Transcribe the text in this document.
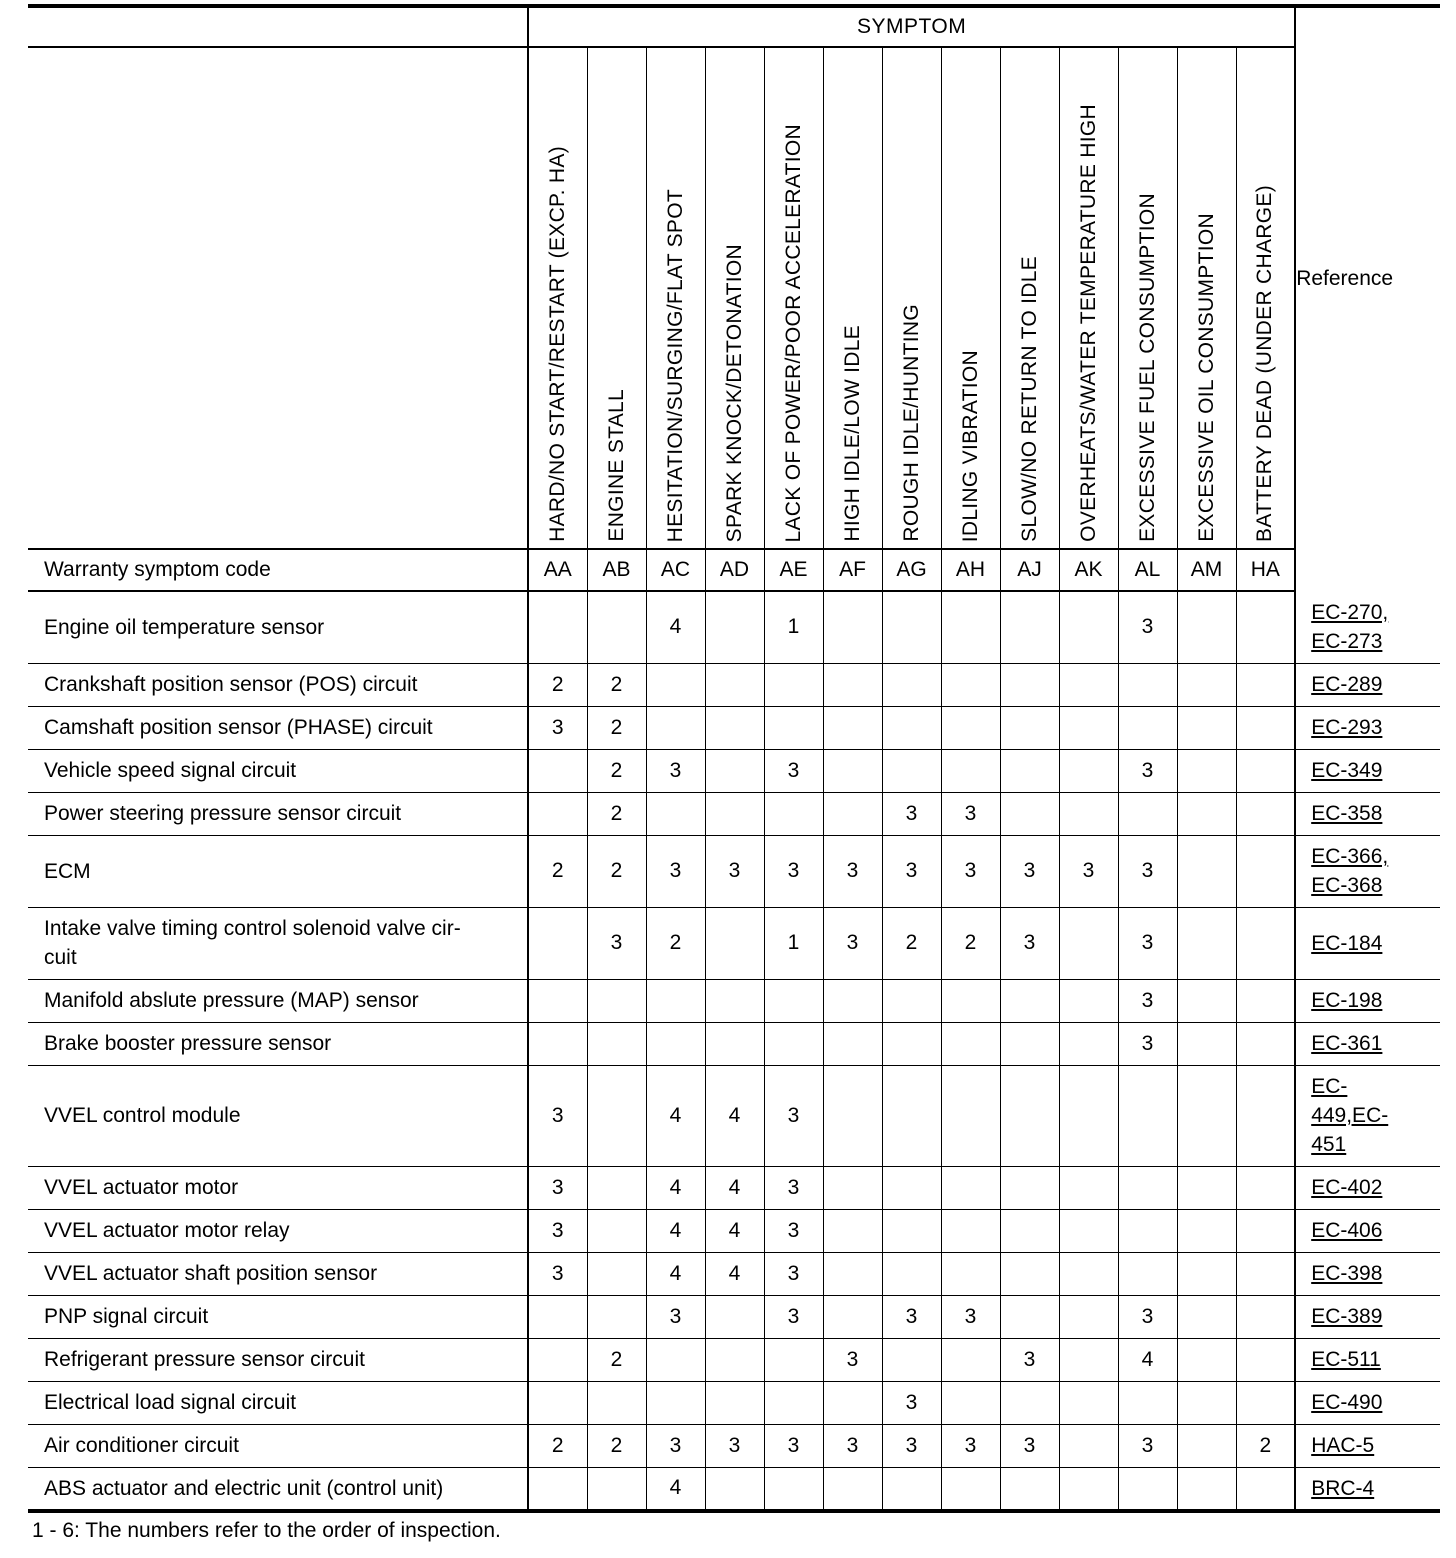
	SYMPTOM													Reference
	HARD/NO START/RESTART (EXCP. HA)	ENGINE STALL	HESITATION/SURGING/FLAT SPOT	SPARK KNOCK/DETONATION	LACK OF POWER/POOR ACCELERATION	HIGH IDLE/LOW IDLE	ROUGH IDLE/HUNTING	IDLING VIBRATION	SLOW/NO RETURN TO IDLE	OVERHEATS/WATER TEMPERATURE HIGH	EXCESSIVE FUEL CONSUMPTION	EXCESSIVE OIL CONSUMPTION	BATTERY DEAD (UNDER CHARGE)	
Warranty symptom code	AA	AB	AC	AD	AE	AF	AG	AH	AJ	AK	AL	AM	HA	
Engine oil temperature sensor			4		1						3			EC-270,
EC-273
Crankshaft position sensor (POS) circuit	2	2												EC-289
Camshaft position sensor (PHASE) circuit	3	2												EC-293
Vehicle speed signal circuit		2	3		3						3			EC-349
Power steering pressure sensor circuit		2					3	3						EC-358
ECM	2	2	3	3	3	3	3	3	3	3	3			EC-366,
EC-368
Intake valve timing control solenoid valve cir-
cuit		3	2		1	3	2	2	3		3			EC-184
Manifold abslute pressure (MAP) sensor											3			EC-198
Brake booster pressure sensor											3			EC-361
VVEL control module	3		4	4	3									EC-
449,EC-
451
VVEL actuator motor	3		4	4	3									EC-402
VVEL actuator motor relay	3		4	4	3									EC-406
VVEL actuator shaft position sensor	3		4	4	3									EC-398
PNP signal circuit			3		3		3	3			3			EC-389
Refrigerant pressure sensor circuit		2				3			3		4			EC-511
Electrical load signal circuit							3							EC-490
Air conditioner circuit	2	2	3	3	3	3	3	3	3		3		2	HAC-5
ABS actuator and electric unit (control unit)			4											BRC-4
1 - 6: The numbers refer to the order of inspection.
